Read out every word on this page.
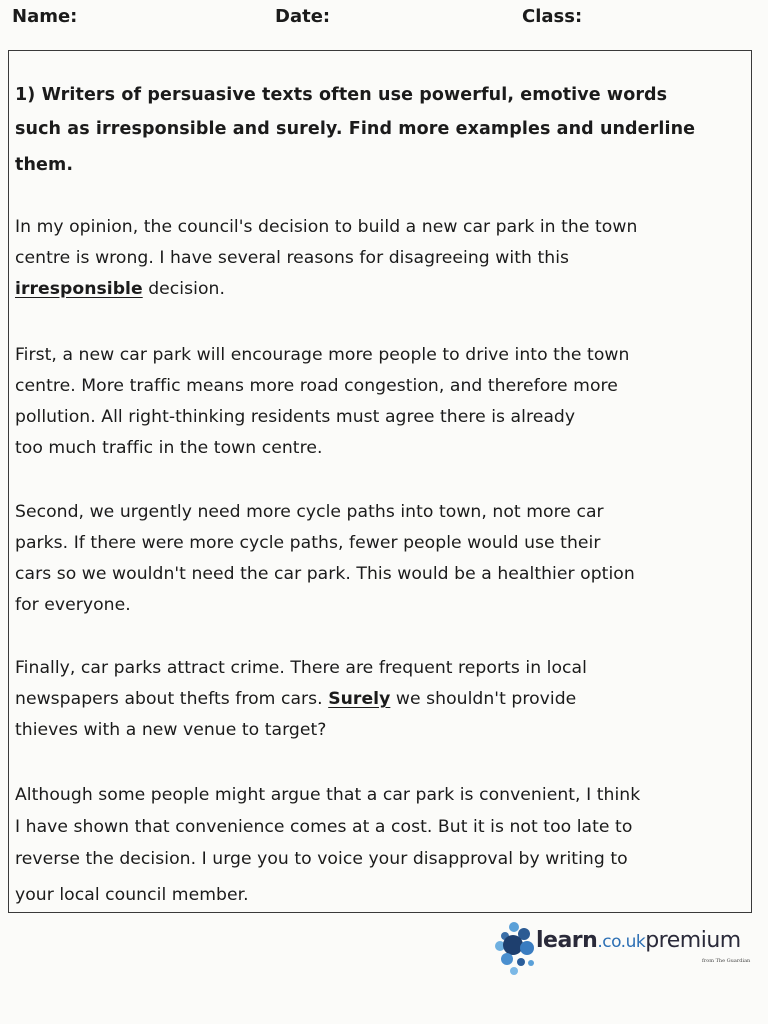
Name:	Date:	Class:
1) Writers of persuasive texts often use powerful, emotive words
such as irresponsible and surely. Find more examples and underline
them.
In my opinion, the council's decision to build a new car park in the town
centre is wrong. I have several reasons for disagreeing with this
irresponsible decision.
First, a new car park will encourage more people to drive into the town
centre. More traffic means more road congestion, and therefore more
pollution. All right-thinking residents must agree there is already
too much traffic in the town centre.
Second, we urgently need more cycle paths into town, not more car
parks. If there were more cycle paths, fewer people would use their
cars so we wouldn't need the car park. This would be a healthier option
for everyone.
Finally, car parks attract crime. There are frequent reports in local
newspapers about thefts from cars. Surely we shouldn't provide
thieves with a new venue to target?
Although some people might argue that a car park is convenient, I think
I have shown that convenience comes at a cost. But it is not too late to
reverse the decision. I urge you to voice your disapproval by writing to
your local council member.
learn.co.ukpremium
from The Guardian
